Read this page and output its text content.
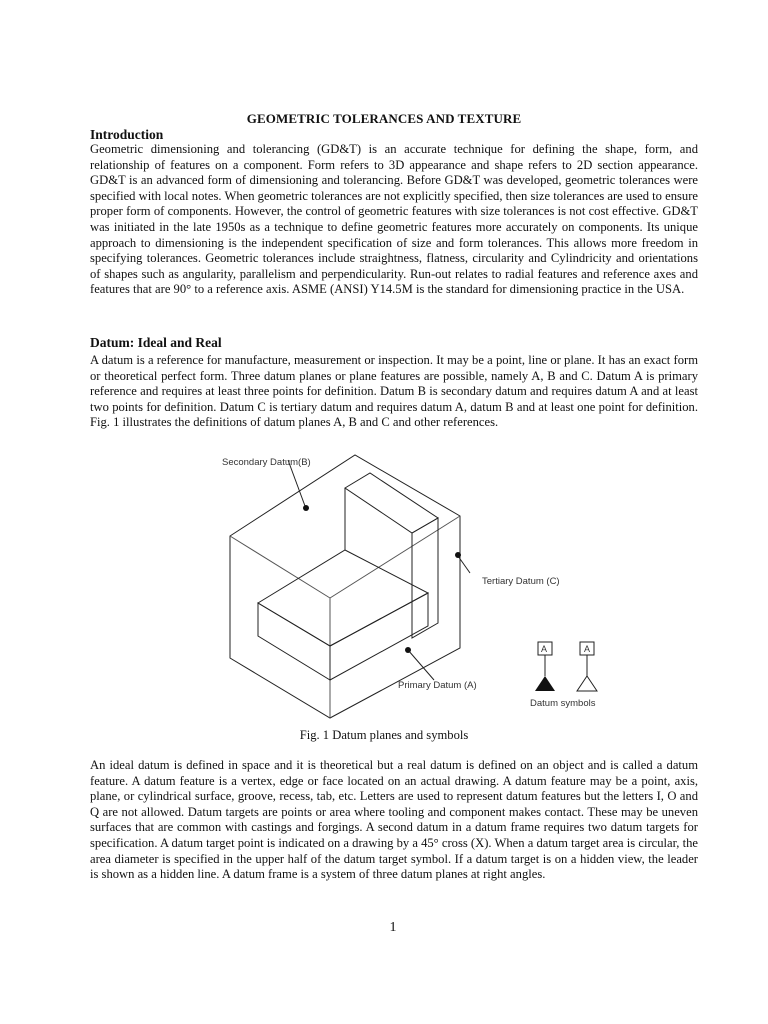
GEOMETRIC TOLERANCES AND TEXTURE
Introduction

Geometric dimensioning and tolerancing (GD&T) is an accurate technique for defining the shape, form, and relationship of features on a component. Form refers to 3D appearance and shape refers to 2D section appearance. GD&T is an advanced form of dimensioning and tolerancing. Before GD&T was developed, geometric tolerances were specified with local notes. When geometric tolerances are not explicitly specified, then size tolerances are used to ensure proper form of components. However, the control of geometric features with size tolerances is not cost effective. GD&T was initiated in the late 1950s as a technique to define geometric features more accurately on components. Its unique approach to dimensioning is the independent specification of size and form tolerances. This allows more freedom in specifying tolerances. Geometric tolerances include straightness, flatness, circularity and Cylindricity and orientations of shapes such as angularity, parallelism and perpendicularity. Run-out relates to radial features and reference axes and features that are 90° to a reference axis. ASME (ANSI) Y14.5M is the standard for dimensioning practice in the USA.

Datum: Ideal and Real

A datum is a reference for manufacture, measurement or inspection. It may be a point, line or plane. It has an exact form or theoretical perfect form. Three datum planes or plane features are possible, namely A, B and C. Datum A is primary reference and requires at least three points for definition. Datum B is secondary datum and requires datum A and at least two points for definition. Datum C is tertiary datum and requires datum A, datum B and at least one point for definition. Fig. 1 illustrates the definitions of datum planes A, B and C and other references.

Secondary Datum(B)
Tertiary Datum (C)
Primary Datum (A)
A	A
Datum symbols
Fig. 1 Datum planes and symbols

An ideal datum is defined in space and it is theoretical but a real datum is defined on an object and is called a datum feature. A datum feature is a vertex, edge or face located on an actual drawing. A datum feature may be a point, axis, plane, or cylindrical surface, groove, recess, tab, etc. Letters are used to represent datum features but the letters I, O and Q are not allowed. Datum targets are points or area where tooling and component makes contact. These may be uneven surfaces that are common with castings and forgings. A second datum in a datum frame requires two datum targets for specification. A datum target point is indicated on a drawing by a 45° cross (X). When a datum target area is circular, the area diameter is specified in the upper half of the datum target symbol. If a datum target is on a hidden view, the leader is shown as a hidden line. A datum frame is a system of three datum planes at right angles.

1
